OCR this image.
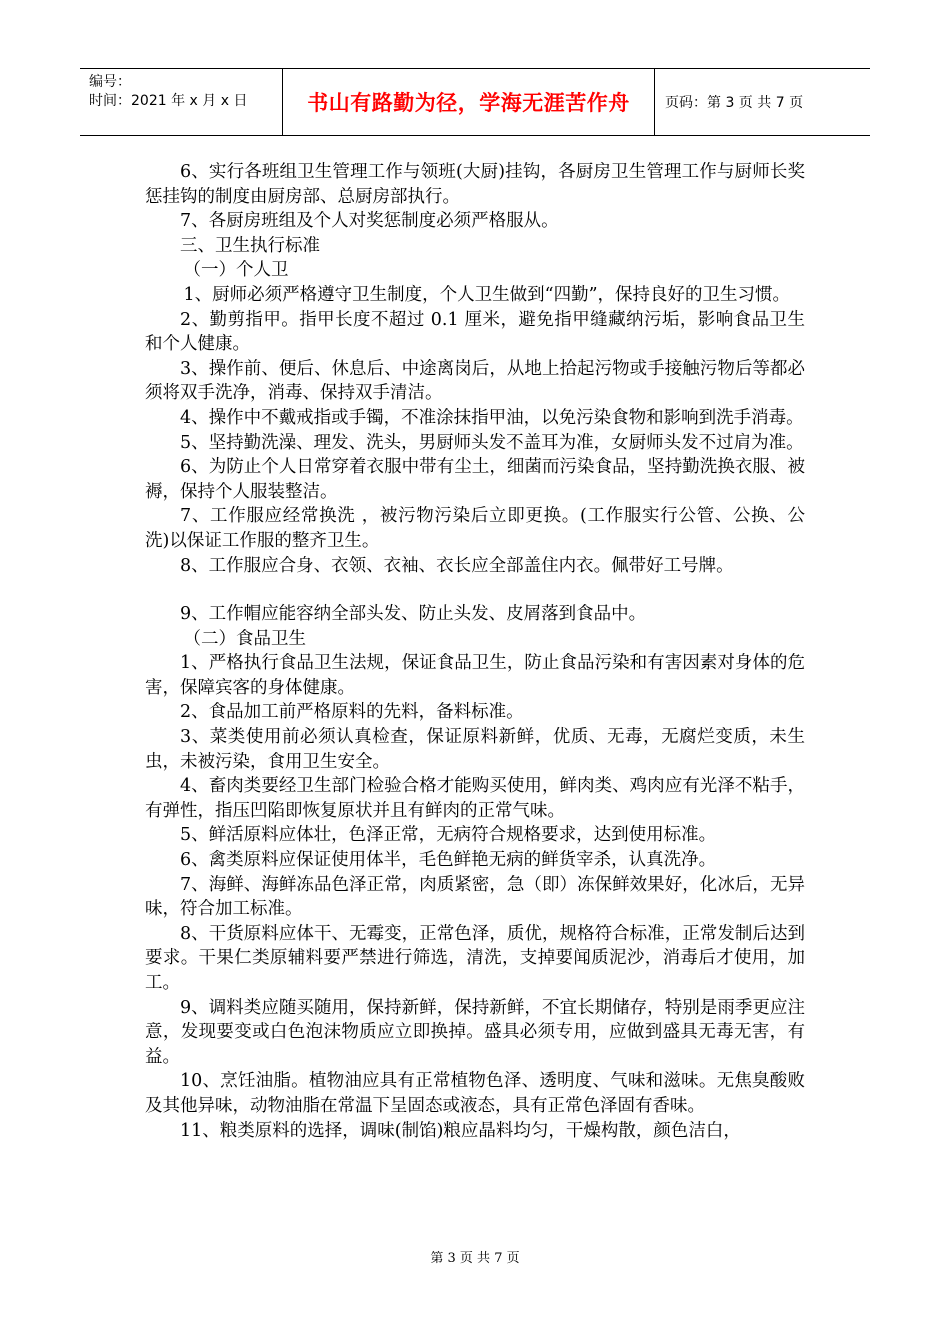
编号：
时间：2021 年 x 月 x 日	书山有路勤为径，学海无涯苦作舟	页码：第 3 页 共 7 页

6、实行各班组卫生管理工作与领班(大厨)挂钩，各厨房卫生管理工作与厨师长奖惩挂钩的制度由厨房部、总厨房部执行。

7、各厨房班组及个人对奖惩制度必须严格服从。

三、卫生执行标准

（一）个人卫

1、厨师必须严格遵守卫生制度，个人卫生做到“四勤”，保持良好的卫生习惯。

2、勤剪指甲。指甲长度不超过 0.1 厘米，避免指甲缝藏纳污垢，影响食品卫生和个人健康。

3、操作前、便后、休息后、中途离岗后，从地上拾起污物或手接触污物后等都必须将双手洗净，消毒、保持双手清洁。

4、操作中不戴戒指或手镯，不准涂抹指甲油，以免污染食物和影响到洗手消毒。

5、坚持勤洗澡、理发、洗头，男厨师头发不盖耳为准，女厨师头发不过肩为准。

6、为防止个人日常穿着衣服中带有尘土，细菌而污染食品，坚持勤洗换衣服、被褥，保持个人服装整洁。

7、工作服应经常换洗 ，被污物污染后立即更换。(工作服实行公管、公换、公洗)以保证工作服的整齐卫生。

8、工作服应合身、衣领、衣袖、衣长应全部盖住内衣。佩带好工号牌。

9、工作帽应能容纳全部头发、防止头发、皮屑落到食品中。

（二）食品卫生

1、严格执行食品卫生法规，保证食品卫生，防止食品污染和有害因素对身体的危害，保障宾客的身体健康。

2、食品加工前严格原料的先料，备料标准。

3、菜类使用前必须认真检查，保证原料新鲜，优质、无毒，无腐烂变质，未生虫，未被污染，食用卫生安全。

4、畜肉类要经卫生部门检验合格才能购买使用，鲜肉类、鸡肉应有光泽不粘手，有弹性，指压凹陷即恢复原状并且有鲜肉的正常气味。

5、鲜活原料应体壮，色泽正常，无病符合规格要求，达到使用标准。

6、禽类原料应保证使用体半，毛色鲜艳无病的鲜货宰杀，认真洗净。

7、海鲜、海鲜冻品色泽正常，肉质紧密，急（即）冻保鲜效果好，化冰后，无异味，符合加工标准。

8、干货原料应体干、无霉变，正常色泽，质优，规格符合标准，正常发制后达到要求。干果仁类原辅料要严禁进行筛选，清洗，支掉要闻质泥沙，消毒后才使用，加工。

9、调料类应随买随用，保持新鲜，保持新鲜，不宜长期储存，特别是雨季更应注意，发现要变或白色泡沫物质应立即换掉。盛具必须专用，应做到盛具无毒无害，有益。

10、烹饪油脂。植物油应具有正常植物色泽、透明度、气味和滋味。无焦臭酸败及其他异味，动物油脂在常温下呈固态或液态，具有正常色泽固有香味。

11、粮类原料的选择，调味(制馅)粮应晶料均匀，干燥构散，颜色洁白，

第 3 页 共 7 页
